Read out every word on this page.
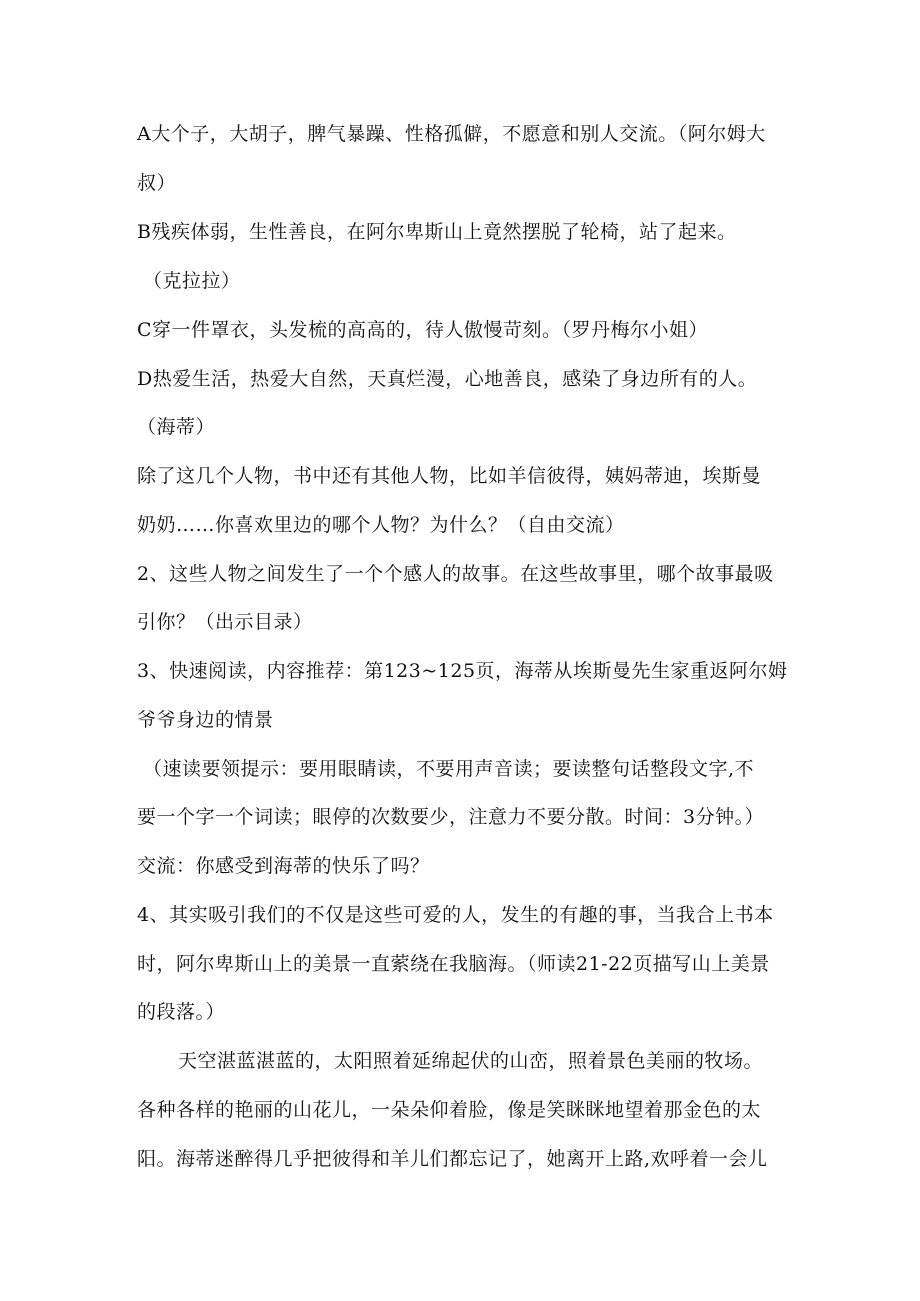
A大个子，大胡子，脾气暴躁、性格孤僻，不愿意和别人交流。（阿尔姆大
叔）
B残疾体弱，生性善良，在阿尔卑斯山上竟然摆脱了轮椅，站了起来。
（克拉拉）
C穿一件罩衣，头发梳的高高的，待人傲慢苛刻。（罗丹梅尔小姐）
D热爱生活，热爱大自然，天真烂漫，心地善良，感染了身边所有的人。
（海蒂）
除了这几个人物，书中还有其他人物，比如羊信彼得，姨妈蒂迪，埃斯曼
奶奶……你喜欢里边的哪个人物？为什么？（自由交流）
2、这些人物之间发生了一个个感人的故事。在这些故事里，哪个故事最吸
引你？（出示目录）
3、快速阅读，内容推荐：第123~125页，海蒂从埃斯曼先生家重返阿尔姆
爷爷身边的情景
（速读要领提示：要用眼睛读，不要用声音读；要读整句话整段文字,不
要一个字一个词读；眼停的次数要少，注意力不要分散。时间：3分钟。）
交流：你感受到海蒂的快乐了吗？
4、其实吸引我们的不仅是这些可爱的人，发生的有趣的事，当我合上书本
时，阿尔卑斯山上的美景一直萦绕在我脑海。（师读21-22页描写山上美景
的段落。）
天空湛蓝湛蓝的，太阳照着延绵起伏的山峦，照着景色美丽的牧场。
各种各样的艳丽的山花儿，一朵朵仰着脸，像是笑眯眯地望着那金色的太
阳。海蒂迷醉得几乎把彼得和羊儿们都忘记了，她离开上路,欢呼着一会儿
